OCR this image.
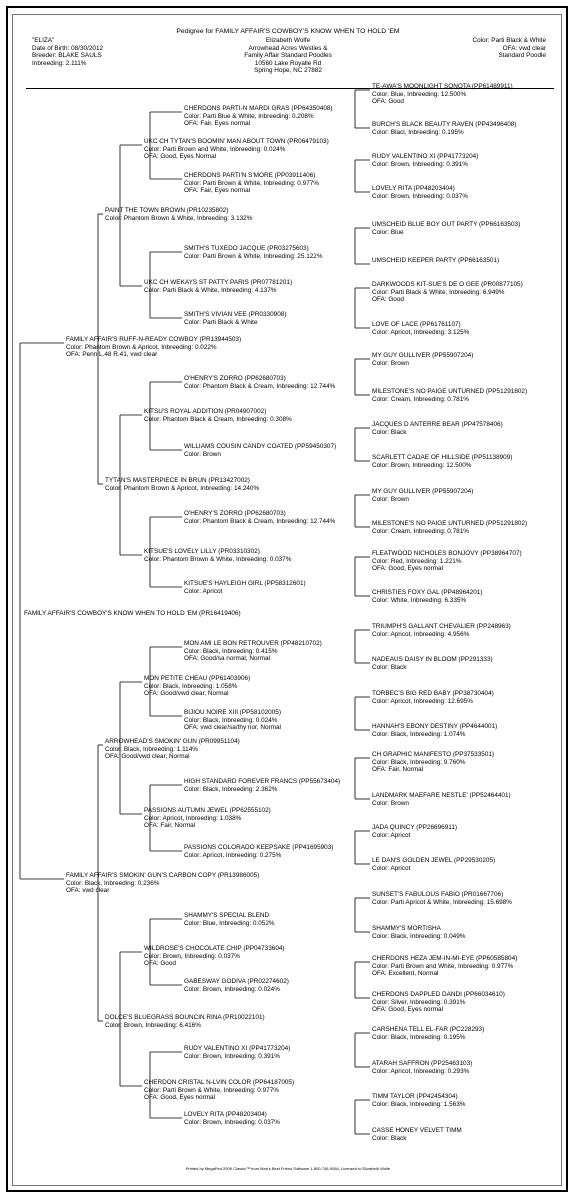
Pedigree for FAMILY AFFAIR'S COWBOY'S KNOW WHEN TO HOLD 'EM
"ELIZA"
Date of Birth: 08/30/2012
Breeder: BLAKE SAULS
Inbreeding: 2.111%
Elizabeth Wolfe
Arrowhead Acres Westies &
Family Affair Standard Poodles
10560 Lake Royalle Rd
Spring Hope, NC 27882
Color: Parti Black & White
OFA: vwd clear
Standard Poodle
FAMILY AFFAIR'S COWBOY'S KNOW WHEN TO HOLD 'EM (PR16419406)
FAMILY AFFAIR'S RUFF-N-READY COWBOY (PR13944503)
Color: Phantom Brown & Apricot, Inbreeding: 0.022%
OFA: Penn L.48 R.41, vwd clear
FAMILY AFFAIR'S SMOKIN' GUN'S CARBON COPY (PR13986005)
Color: Black, Inbreeding: 0.236%
OFA: vwd clear
PAINT THE TOWN BROWN (PR10235802)
Color: Phantom Brown & White, Inbreeding: 3.132%
TYTAN'S MASTERPIECE IN BRUN (PR13427002)
Color: Phantom Brown & Apricot, Inbreeding: 14.240%
ARROWHEAD'S SMOKIN' GUN (PR09951104)
Color: Black, Inbreeding: 1.114%
OFA: Good/vwd clear, Normal
DOLCE'S BLUEGRASS BOUNCIN RINA (PR10022101)
Color: Brown, Inbreeding: 6.416%
UKC CH TYTAN'S BOOMIN' MAN ABOUT TOWN (PR06479103)
Color: Parti Brown and White, Inbreeding: 0.024%
OFA: Good, Eyes Normal
UKC CH WEKAYS ST PATTY PARIS (PR07781201)
Color: Parti Black & White, Inbreeding: 4.137%
KITSU'S ROYAL ADDITION (PR04907002)
Color: Phantom Black & Cream, Inbreeding: 0.308%
KITSUE'S LOVELY LILLY (PR03310302)
Color: Phantom Brown & White, Inbreeding: 0.037%
MON PETITE CHEAU (PP61403906)
Color: Black, Inbreeding: 1.058%
OFA: Good/vwd clear, Normal
PASSIONS AUTUMN JEWEL (PP62555102)
Color: Apricot, Inbreeding: 1.038%
OFA: Fair, Normal
WILDROSE'S CHOCOLATE CHIP (PP04733604)
Color: Brown, Inbreeding: 0.037%
OFA: Good
CHERDON CRISTAL N-LVIN COLOR (PP64187005)
Color: Parti Brown & White, Inbreeding: 0.977%
OFA: Good, Eyes normal
CHERDONS PARTI-N MARDI GRAS (PP64350408)
Color: Parti Blue & White, Inbreeding: 0.208%
OFA: Fair, Eyes normal
CHERDONS PARTI'N S'MORE (PP03911406)
Color: Parti Brown & White, Inbreeding: 0.977%
OFA: Fair, Eyes normal
SMITH'S TUXEDO JACQUE (PR03275603)
Color: Parti Brown & White, Inbreeding: 25.122%
SMITH'S VIVIAN VEE (PR0330908)
Color: Parti Black & White
O'HENRY'S ZORRO (PP62680703)
Color: Phantom Black & Cream, Inbreeding: 12.744%
WILLIAMS COUSIN CANDY COATED (PP59450307)
Color: Brown
O'HENRY'S ZORRO (PP62680703)
Color: Phantom Black & Cream, Inbreeding: 12.744%
KITSUE'S HAYLEIGH GIRL (PP58312601)
Color: Apricot
MON AMI LE BON RETROUVER (PP48210702)
Color: Black, Inbreeding: 0.415%
OFA: Good/sa normal, Normal
BIJIOU NOIRE XIII (PP58102005)
Color: Black, Inbreeding: 0.024%
OFA: vwd clear/sa/thy nor, Normal
HIGH STANDARD FOREVER FRANCS (PP55673404)
Color: Black, Inbreeding: 2.362%
PASSIONS COLORADO KEEPSAKE (PP41695903)
Color: Apricot, Inbreeding: 0.275%
SHAMMY'S SPECIAL BLEND
Color: Blue, Inbreeding: 0.052%
GABESWAY GODIVA (PR02274602)
Color: Brown, Inbreeding: 0.024%
RUDY VALENTINO XI (PP41773204)
Color: Brown, Inbreeding: 0.391%
LOVELY RITA (PP48203404)
Color: Brown, Inbreeding: 0.037%
TE-AWA'S MOONLIGHT SONOTA (PP61489911)
Color: Blue, Inbreeding: 12.500%
OFA: Good
BURCH'S BLACK BEAUTY RAVEN (PP43496408)
Color: Blacl, Inbreeding: 0.195%
RUDY VALENTINO XI (PP41773204)
Color: Brown, Inbreeding: 0.391%
LOVELY RITA (PP48203404)
Color: Brown, Inbreeding: 0.037%
UMSCHEID BLUE BOY OUT PARTY (PP66163503)
Color: Blue
UMSCHEID KEEPER PARTY (PP66163501)
DARKWOODS KIT-SUE'S DE O GEE (PR00877105)
Color: Parti Black & White, Inbreeding: 6.949%
OFA: Good
LOVE OF LACE (PP61761107)
Color: Apricot, Inbreeding: 3.125%
MY GUY GULLIVER (PP55907204)
Color: Brown
MILESTONE'S NO PAIGE UNTURNED (PP51291802)
Color: Cream, Inbreeding: 0.781%
JACQUES D ANTERRE BEAR (PP47578406)
Color: Black
SCARLETT CADAE OF HILLSIDE (PP51138909)
Color: Brown, Inbreeding: 12.500%
MY GUY GULLIVER (PP55907204)
Color: Brown
MILESTONE'S NO PAIGE UNTURNED (PP51291802)
Color: Cream, Inbreeding: 0.781%
FLEATWOOD NICHOLES BONJOVY (PP38964707)
Color: Red, Inbreeding: 1.221%
OFA: Good, Eyes normal
CHRISTIES FOXY GAL (PP48964201)
Color: White, Inbreeding: 6.335%
TRIUMPH'S GALLANT CHEVALIER (PP248963)
Color: Apricot, Inbreeding: 4.956%
NADEAUS DAISY IN BLOOM (PP291333)
Color: Black
TORBEC'S BIG RED BABY (PP38730404)
Color: Apricot, Inbreeding: 12.695%
HANNAH'S EBONY DESTINY (PP4644001)
Color: Black, Inbreeding: 1.074%
CH GRAPHIC MANIFESTO (PP37533501)
Color: Black, Inbreeding: 9.760%
OFA: Fair, Normal
LANDMARK MAEFARE NESTLE' (PP52464401)
Color: Brown
JADA QUINCY (PP26696911)
Color: Apricot
LE DAN'S GOLDEN JEWEL (PP29530205)
Color: Apricot
SUNSET'S FABULOUS FABIO (PR01667706)
Color: Parti Apricot & White, Inbreeding: 15.698%
SHAMMY'S MORTISHA
Color: Black, Inbreeding: 0.049%
CHERDONS HEZA JEM-IN-MI-EYE (PP60585804)
Color: Parti Brown and White, Inbreeding: 0.977%
OFA: Excellent, Normal
CHERDONS DAPPLED DANDI (PP66034610)
Color: Silver, Inbreeding: 0.391%
OFA: Good, Eyes normal
CARSHENA TELL EL-FAR (PC228293)
Color: Black, Inbreeding: 0.195%
ATARAH SAFFRON (PP25463103)
Color: Apricot, Inbreeding: 0.293%
TIMM TAYLOR (PP42454304)
Color: Black, Inbreeding: 1.563%
CASSE HONEY VELVET TIMM
Color: Black
Printed by MegaPed 2009 Classic™ from Man's Best Friend Software 1-800-746-9084, Licensed to Elizabeth Wolfe
